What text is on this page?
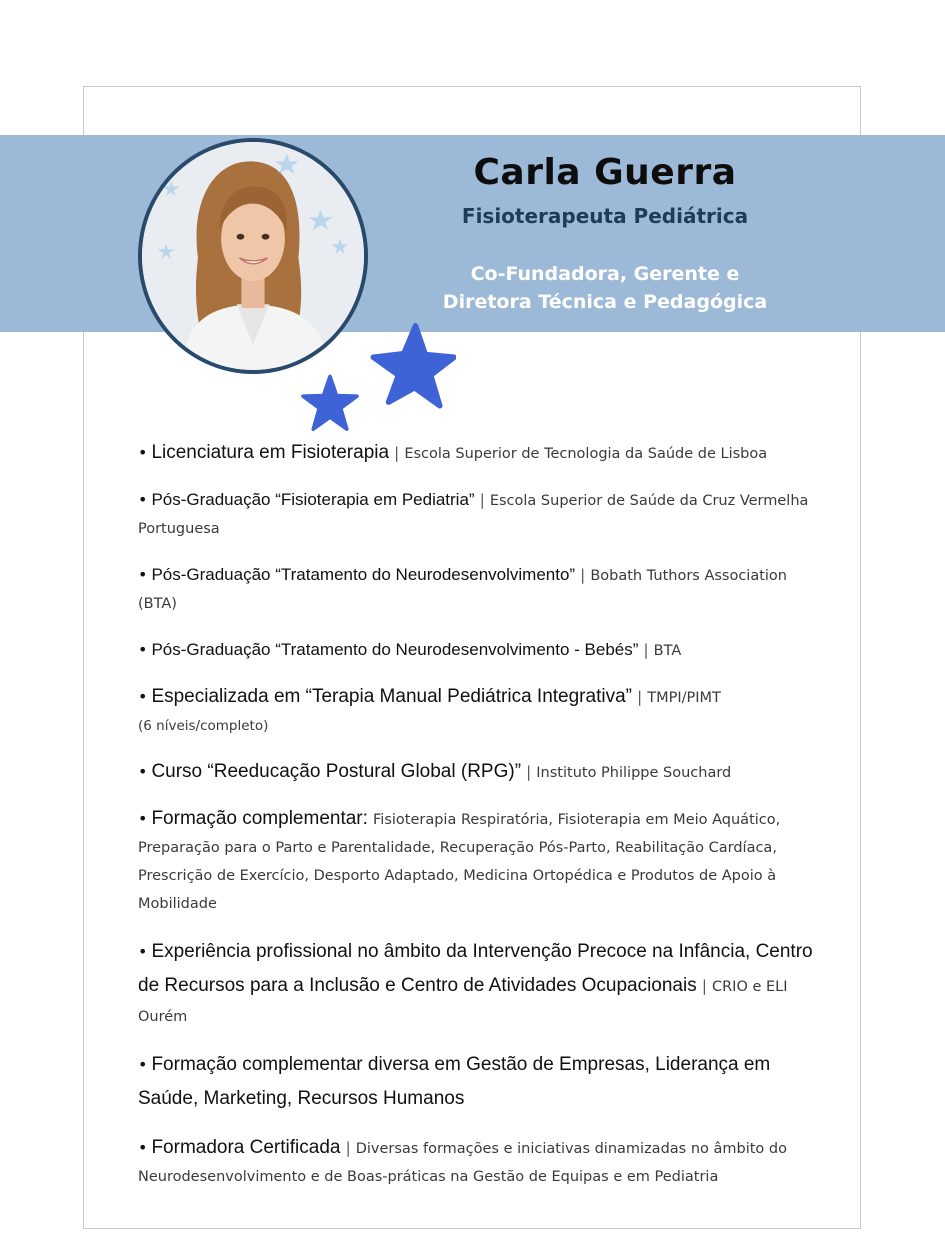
Carla Guerra
Fisioterapeuta Pediátrica
Co-Fundadora, Gerente e
Diretora Técnica e Pedagógica

• Licenciatura em Fisioterapia | Escola Superior de Tecnologia da Saúde de Lisboa

• Pós-Graduação “Fisioterapia em Pediatria” | Escola Superior de Saúde da Cruz Vermelha Portuguesa

• Pós-Graduação “Tratamento do Neurodesenvolvimento” | Bobath Tuthors Association (BTA)

• Pós-Graduação “Tratamento do Neurodesenvolvimento - Bebés” | BTA

• Especializada em “Terapia Manual Pediátrica Integrativa” | TMPI/PIMT

(6 níveis/completo)

• Curso “Reeducação Postural Global (RPG)” | Instituto Philippe Souchard

• Formação complementar: Fisioterapia Respiratória, Fisioterapia em Meio Aquático, Preparação para o Parto e Parentalidade, Recuperação Pós-Parto, Reabilitação Cardíaca, Prescrição de Exercício, Desporto Adaptado, Medicina Ortopédica e Produtos de Apoio à Mobilidade

• Experiência profissional no âmbito da Intervenção Precoce na Infância, Centro de Recursos para a Inclusão e Centro de Atividades Ocupacionais | CRIO e ELI Ourém

• Formação complementar diversa em Gestão de Empresas, Liderança em Saúde, Marketing, Recursos Humanos

• Formadora Certificada | Diversas formações e iniciativas dinamizadas no âmbito do Neurodesenvolvimento e de Boas-práticas na Gestão de Equipas e em Pediatria
